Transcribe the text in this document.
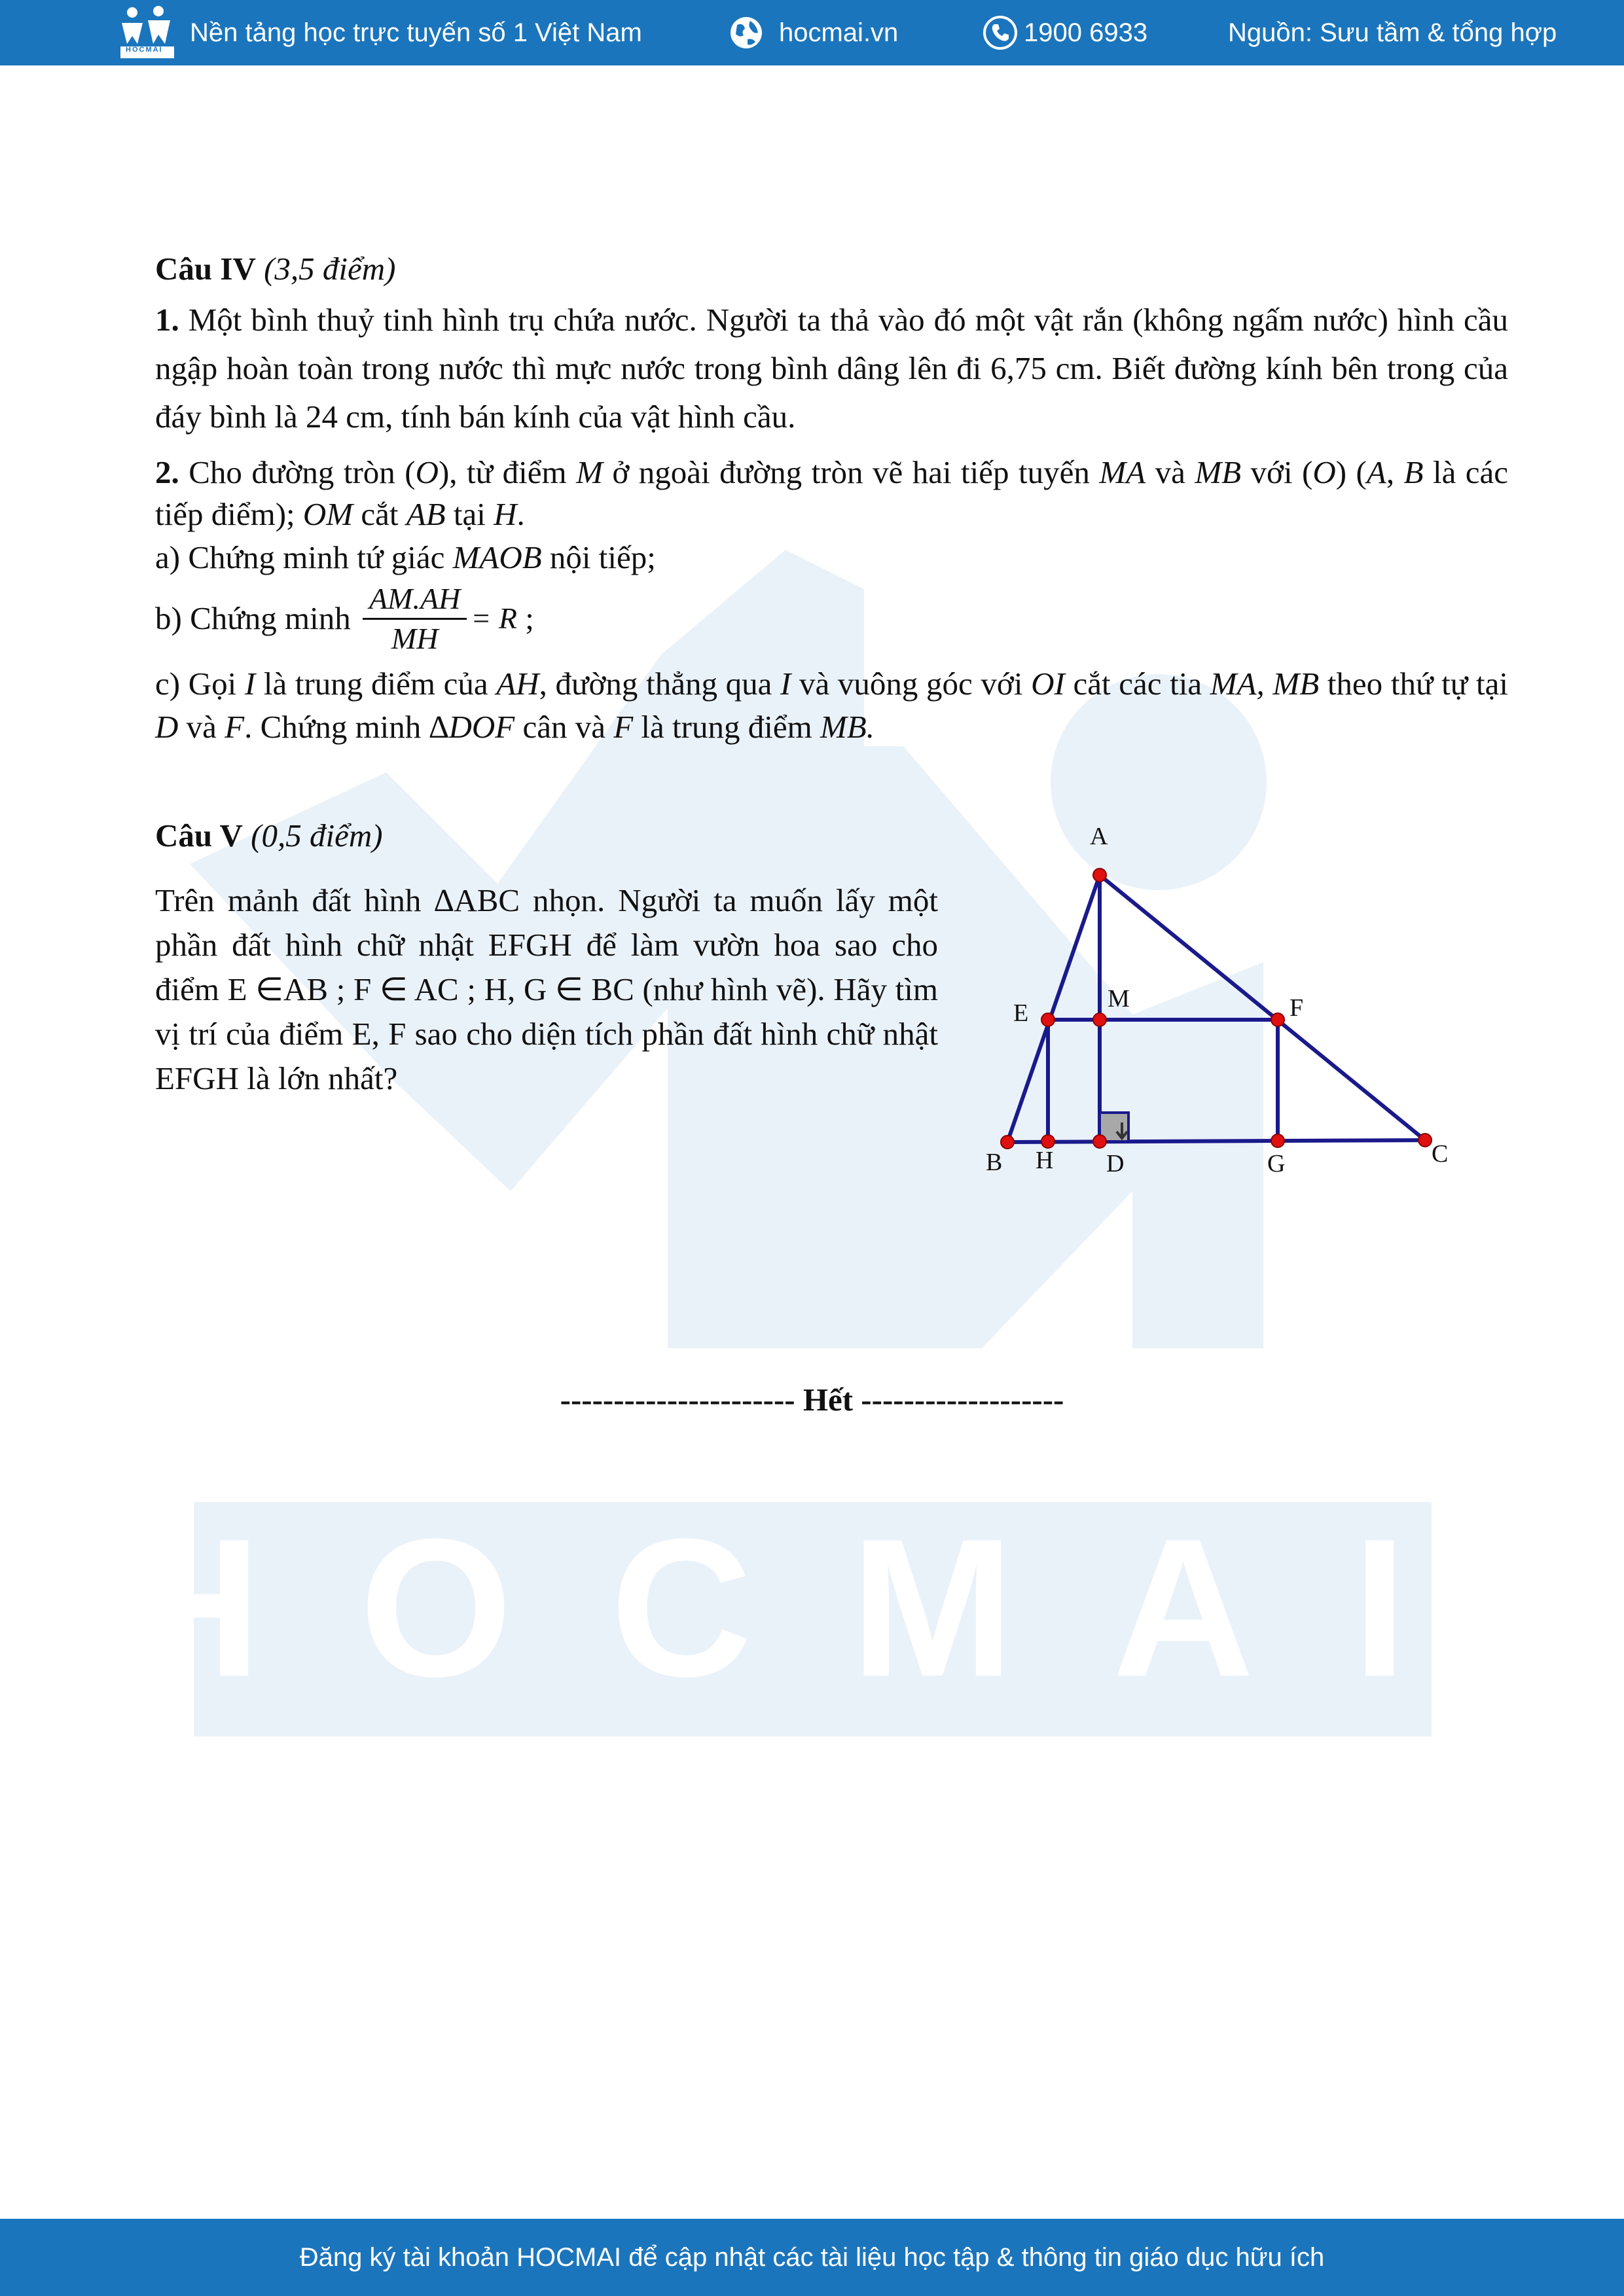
HOCMAI
HOCMAI
Nền tảng học trực tuyến số 1 Việt Nam	hocmai.vn	1900 6933	Nguồn: Sưu tầm & tổng hợp
Câu IV (3,5 điểm)

1. Một bình thuỷ tinh hình trụ chứa nước. Người ta thả vào đó một vật rắn (không ngấm nước) hình cầu ngập hoàn toàn trong nước thì mực nước trong bình dâng lên đi 6,75 cm. Biết đường kính bên trong của đáy bình là 24 cm, tính bán kính của vật hình cầu.

2. Cho đường tròn (O), từ điểm M ở ngoài đường tròn vẽ hai tiếp tuyến MA và MB với (O) (A, B là các tiếp điểm); OM cắt AB tại H.

a) Chứng minh tứ giác MAOB nội tiếp;

b) Chứng minh $\frac{AM.AH}{MH} = R$ ;

c) Gọi I là trung điểm của AH, đường thẳng qua I và vuông góc với OI cắt các tia MA, MB theo thứ tự tại D và F. Chứng minh ∆DOF cân và F là trung điểm MB.

Câu V (0,5 điểm)

Trên mảnh đất hình ∆ABC nhọn. Người ta muốn lấy một phần đất hình chữ nhật EFGH để làm vườn hoa sao cho điểm E ∈AB ; F ∈ AC ; H, G ∈ BC (như hình vẽ). Hãy tìm vị trí của điểm E, F sao cho diện tích phần đất hình chữ nhật EFGH là lớn nhất?

A
E
M	F
B H D	G	C
---------------------- Hết -------------------
Đăng ký tài khoản HOCMAI để cập nhật các tài liệu học tập & thông tin giáo dục hữu ích
